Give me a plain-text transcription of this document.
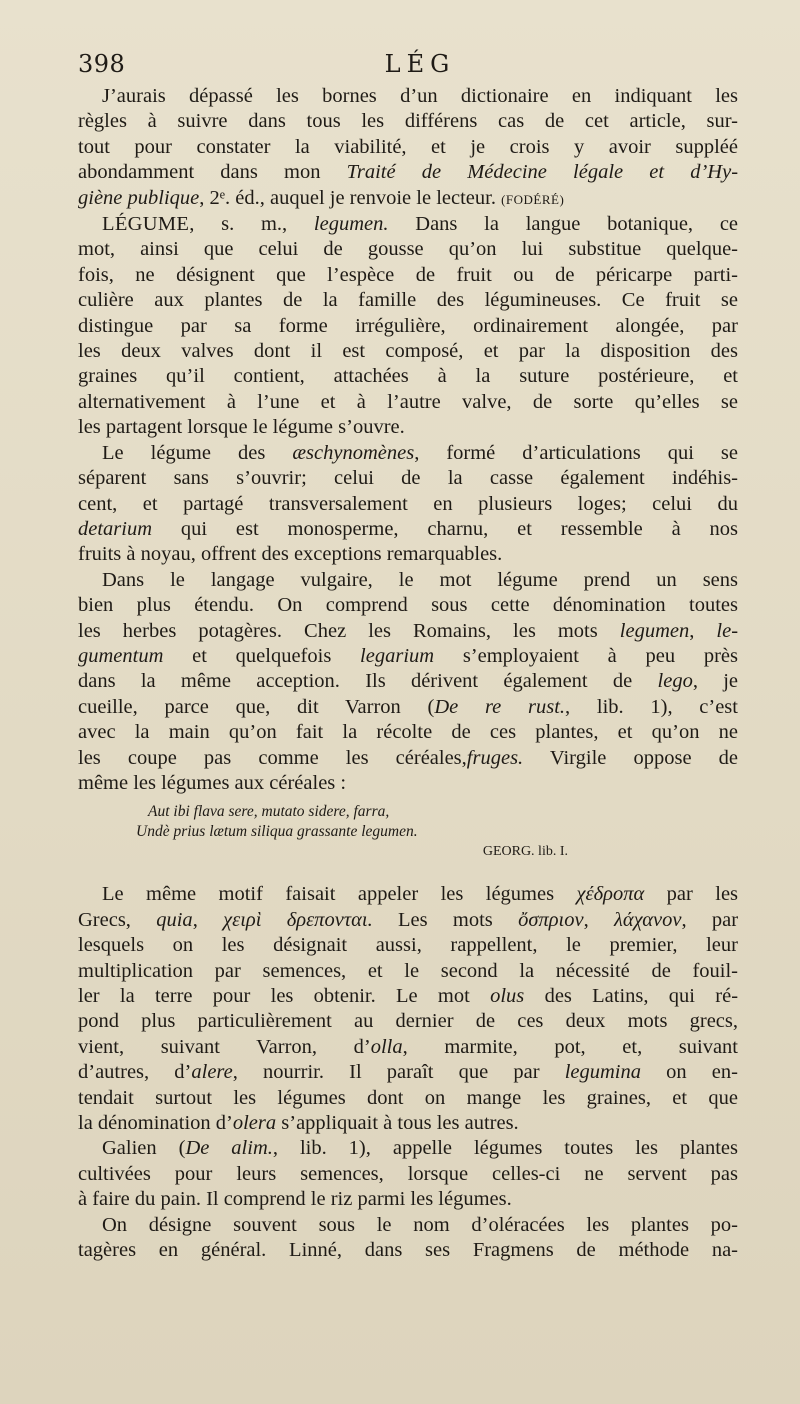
398	LÉG
J’aurais dépassé les bornes d’un dictionaire en indiquant les
règles à suivre dans tous les différens cas de cet article, sur-
tout pour constater la viabilité, et je crois y avoir suppléé
abondamment dans mon Traité de Médecine légale et d’Hy-
giène publique, 2ᵉ. éd., auquel je renvoie le lecteur. (FODÉRÉ)
LÉGUME, s. m., legumen. Dans la langue botanique, ce
mot, ainsi que celui de gousse qu’on lui substitue quelque-
fois, ne désignent que l’espèce de fruit ou de péricarpe parti-
culière aux plantes de la famille des légumineuses. Ce fruit se
distingue par sa forme irrégulière, ordinairement alongée, par
les deux valves dont il est composé, et par la disposition des
graines qu’il contient, attachées à la suture postérieure, et
alternativement à l’une et à l’autre valve, de sorte qu’elles se
les partagent lorsque le légume s’ouvre.
Le légume des æschynomènes, formé d’articulations qui se
séparent sans s’ouvrir; celui de la casse également indéhis-
cent, et partagé transversalement en plusieurs loges; celui du
detarium qui est monosperme, charnu, et ressemble à nos
fruits à noyau, offrent des exceptions remarquables.
Dans le langage vulgaire, le mot légume prend un sens
bien plus étendu. On comprend sous cette dénomination toutes
les herbes potagères. Chez les Romains, les mots legumen, le-
gumentum et quelquefois legarium s’employaient à peu près
dans la même acception. Ils dérivent également de lego, je
cueille, parce que, dit Varron (De re rust., lib. 1), c’est
avec la main qu’on fait la récolte de ces plantes, et qu’on ne
les coupe pas comme les céréales,fruges. Virgile oppose de
même les légumes aux céréales :
Aut ibi flava sere, mutato sidere, farra,
Undè prius lætum siliqua grassante legumen.
GEORG. lib. I.
Le même motif faisait appeler les légumes χέδροπα par les
Grecs, quia, χειρὶ δρεπονται. Les mots ὄσπριον, λάχανον, par
lesquels on les désignait aussi, rappellent, le premier, leur
multiplication par semences, et le second la nécessité de fouil-
ler la terre pour les obtenir. Le mot olus des Latins, qui ré-
pond plus particulièrement au dernier de ces deux mots grecs,
vient, suivant Varron, d’olla, marmite, pot, et, suivant
d’autres, d’alere, nourrir. Il paraît que par legumina on en-
tendait surtout les légumes dont on mange les graines, et que
la dénomination d’olera s’appliquait à tous les autres.
Galien (De alim., lib. 1), appelle légumes toutes les plantes
cultivées pour leurs semences, lorsque celles-ci ne servent pas
à faire du pain. Il comprend le riz parmi les légumes.
On désigne souvent sous le nom d’oléracées les plantes po-
tagères en général. Linné, dans ses Fragmens de méthode na-
